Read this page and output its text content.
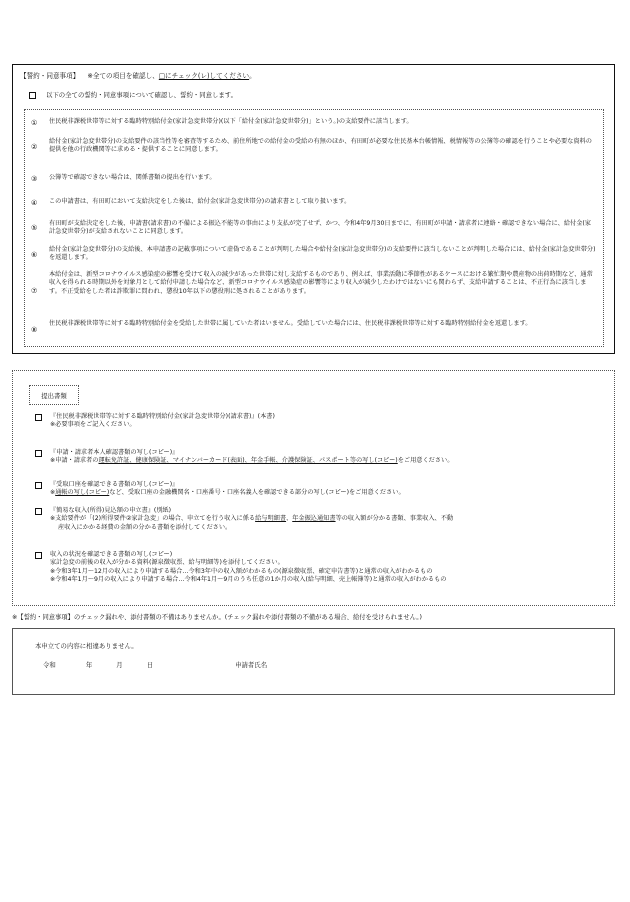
【誓約・同意事項】 ※全ての項目を確認し、□にチェック(レ)してください。
以下の全ての誓約・同意事項について確認し、誓約・同意します。
①	住民税非課税世帯等に対する臨時特別給付金(家計急変世帯分)(以下「給付金(家計急変世帯分)」という。)の支給要件に該当します。
②
給付金(家計急変世帯分)の支給要件の該当性等を審査等するため、前住所地での給付金の受給の有無のほか、有田町が必要な住民基本台帳情報、税情報等の公簿等の確認を行うことや必要な資料の提供を他の行政機関等に求める・提供することに同意します。
③	公簿等で確認できない場合は、関係書類の提出を行います。
④	この申請書は、有田町において支給決定をした後は、給付金(家計急変世帯分)の請求書として取り扱います。
⑤
有田町が支給決定をした後、申請書(請求書)の不備による振込不能等の事由により支払が完了せず、かつ、令和4年9月30日までに、有田町が申請・請求者に連絡・確認できない場合に、給付金(家計急変世帯分)が支給されないことに同意します。
⑥
給付金(家計急変世帯分)の支給後、本申請書の記載事項について虚偽であることが判明した場合や給付金(家計急変世帯分)の支給要件に該当しないことが判明した場合には、給付金(家計急変世帯分)を返還します。
⑦
本給付金は、新型コロナウイルス感染症の影響を受けて収入の減少があった世帯に対し支給するものであり、例えば、事業活動に季節性があるケースにおける繁忙期や農産物の出荷時期など、通常収入を得られる時期以外を対象月として給付申請した場合など、新型コロナウイルス感染症の影響等により収入が減少したわけではないにも関わらず、支給申請することは、不正行為に該当します。不正受給をした者は詐欺罪に問われ、懲役10年以下の懲役刑に処されることがあります。
⑧
住民税非課税世帯等に対する臨時特別給付金を受給した世帯に属していた者はいません。受給していた場合には、住民税非課税世帯等に対する臨時特別給付金を返還します。
提出書類
『住民税非課税世帯等に対する臨時特別給付金(家計急変世帯分)(請求書)』(本書)
※必要事項をご記入ください。
『申請・請求者本人確認書類の写し(コピー)』
※申請・請求者の運転免許証、健康保険証、マイナンバーカード(表面)、年金手帳、介護保険証、パスポート等の写し(コピー)をご用意ください。
『受取口座を確認できる書類の写し(コピー)』
※通帳の写し(コピー)など、受取口座の金融機関名・口座番号・口座名義人を確認できる部分の写し(コピー)をご用意ください。
『簡易な収入(所得)見込額の申立書』(別紙)
※支給要件が「(2)所得要件②家計急変」の場合、申立てを行う収入に係る給与明細書、年金振込通知書等の収入額が分かる書類、事業収入、不動
産収入にかかる経費の金額の分かる書類を添付してください。
収入の状況を確認できる書類の写し(コピー)
家計急変の前後の収入が分かる資料(源泉徴収票、給与明細等)を添付してください。
※令和3年1月～12月の収入により申請する場合…令和3年中の収入額がわかるもの(源泉徴収票、確定申告書等)と通常の収入がわかるもの
※令和4年1月～9月の収入により申請する場合…令和4年1月～9月のうち任意の1か月の収入(給与明細、売上帳簿等)と通常の収入がわかるもの
※【誓約・同意事項】のチェック漏れや、添付書類の不備はありませんか。(チェック漏れや添付書類の不備がある場合、給付を受けられません。)
本申立ての内容に相違ありません。
令和	年	月	日	申請者氏名
